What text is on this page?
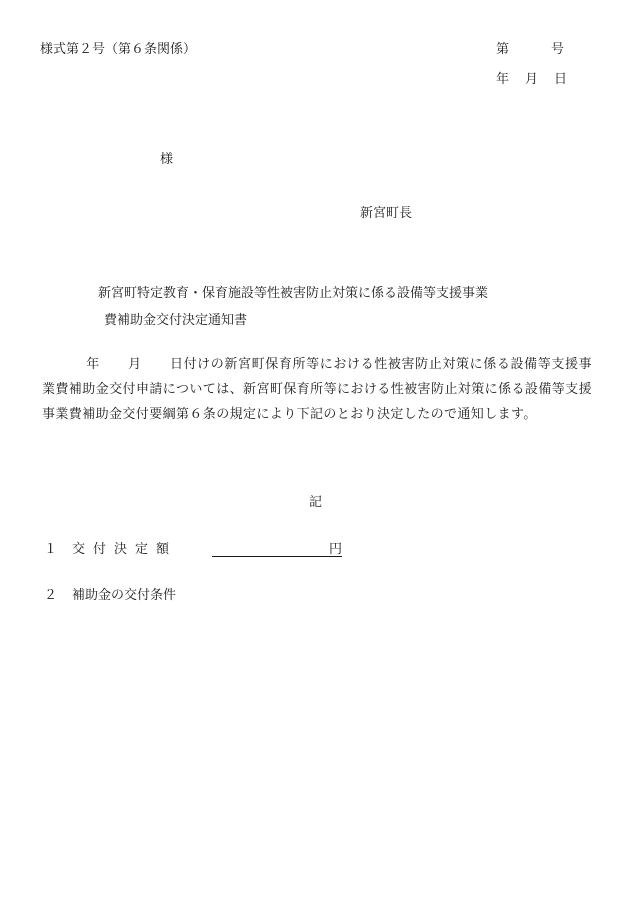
様式第２号（第６条関係）	第	号
年 月 日
様
新宮町長
新宮町特定教育・保育施設等性被害防止対策に係る設備等支援事業
費補助金交付決定通知書
年 月 日付けの新宮町保育所等における性被害防止対策に係る設備等支援事業費補助金交付申請については、新宮町保育所等における性被害防止対策に係る設備等支援事業費補助金交付要綱第６条の規定により下記のとおり決定したので通知します。
記
１ 交付決定額	円
２ 補助金の交付条件
